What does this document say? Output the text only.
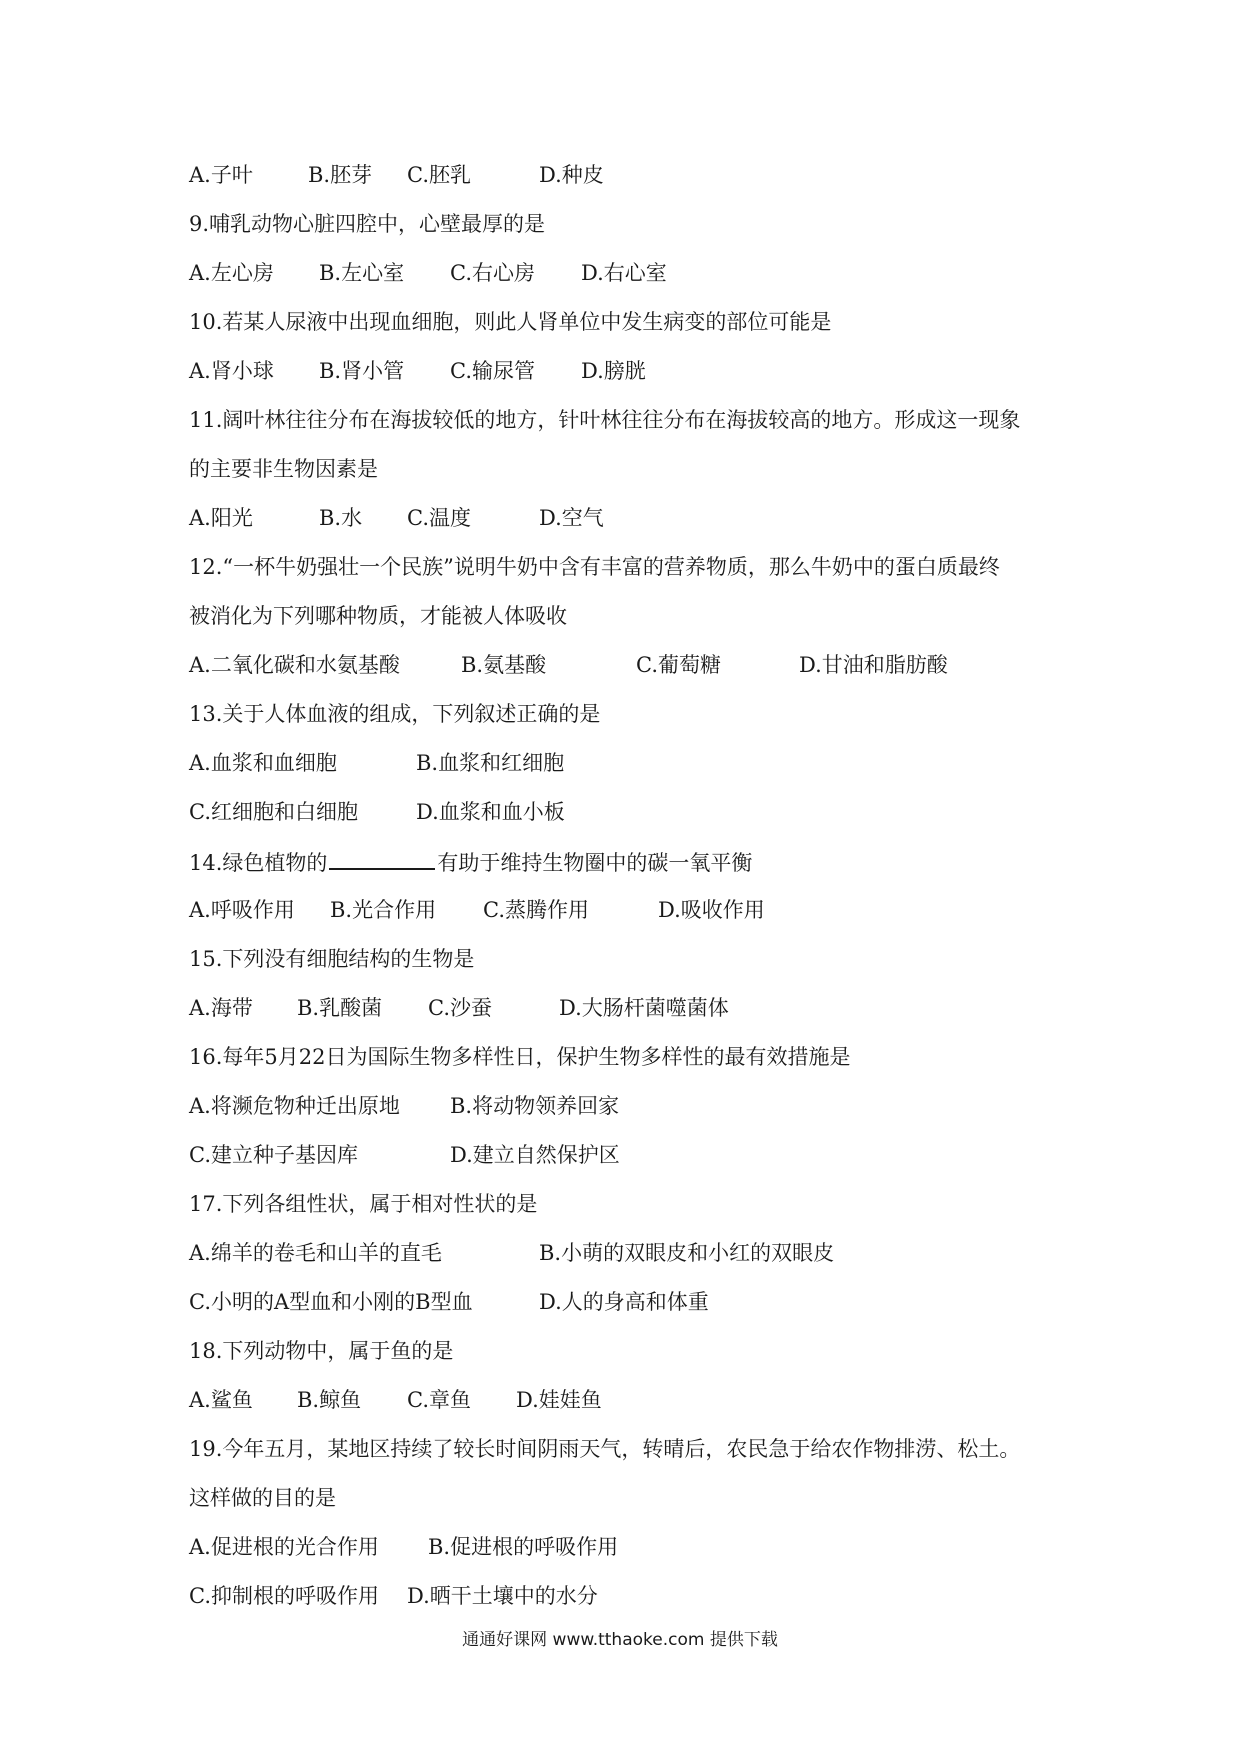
A.子叶	B.胚芽 C.胚乳	D.种皮
9.哺乳动物心脏四腔中，心壁最厚的是
A.左心房 B.左心室 C.右心房 D.右心室
10.若某人尿液中出现血细胞，则此人肾单位中发生病变的部位可能是
A.肾小球 B.肾小管 C.输尿管 D.膀胱
11.阔叶林往往分布在海拔较低的地方，针叶林往往分布在海拔较高的地方。形成这一现象
的主要非生物因素是
A.阳光	B.水 C.温度	D.空气
12.“一杯牛奶强壮一个民族”说明牛奶中含有丰富的营养物质，那么牛奶中的蛋白质最终
被消化为下列哪种物质，才能被人体吸收
A.二氧化碳和水氨基酸	B.氨基酸	C.葡萄糖	D.甘油和脂肪酸
13.关于人体血液的组成，下列叙述正确的是
A.血浆和血细胞	B.血浆和红细胞
C.红细胞和白细胞	D.血浆和血小板
14.绿色植物的	有助于维持生物圈中的碳一氧平衡
A.呼吸作用 B.光合作用 C.蒸腾作用	D.吸收作用
15.下列没有细胞结构的生物是
A.海带 B.乳酸菌 C.沙蚕	D.大肠杆菌噬菌体
16.每年5月22日为国际生物多样性日，保护生物多样性的最有效措施是
A.将濒危物种迁出原地 B.将动物领养回家
C.建立种子基因库	D.建立自然保护区
17.下列各组性状，属于相对性状的是
A.绵羊的卷毛和山羊的直毛	B.小萌的双眼皮和小红的双眼皮
C.小明的A型血和小刚的B型血	D.人的身高和体重
18.下列动物中，属于鱼的是
A.鲨鱼 B.鲸鱼 C.章鱼 D.娃娃鱼
19.今年五月，某地区持续了较长时间阴雨天气，转晴后，农民急于给农作物排涝、松土。
这样做的目的是
A.促进根的光合作用 B.促进根的呼吸作用
C.抑制根的呼吸作用 D.晒干土壤中的水分
通通好课网 www.tthaoke.com 提供下载
